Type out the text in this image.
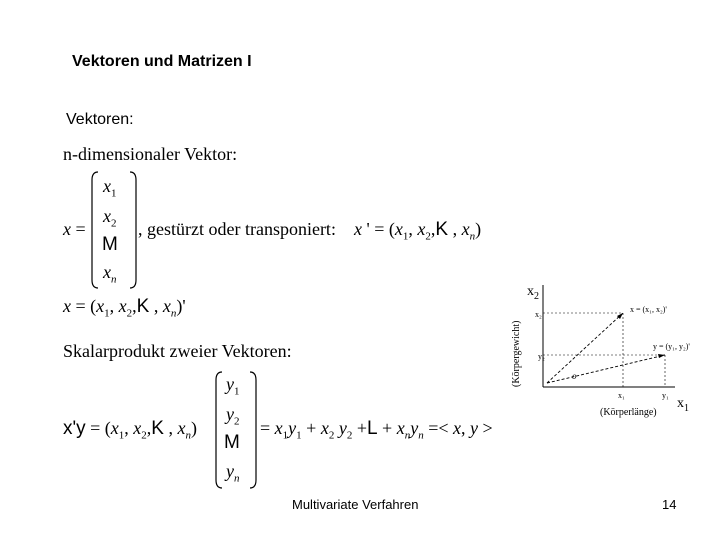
Vektoren und Matrizen I
Vektoren:
n-dimensionaler Vektor:
x =
$x_1$
$x_2$
M
$x_n$
, gestürzt oder transponiert: x ' = ($x_1$, $x_2,K$ , $x_n$)
$x = (x_1$, $x_2,K$ , $x_n)'$
Skalarprodukt zweier Vektoren:
$x'y = (x_1$, $x_2,K$ , $x_n$)
$y_1$
$y_2$
M
$y_n$
= $x_1y_1 + x_2$ $y_2 +L + x_ny_n =< x$, y >
$x_2$
$x_1$
(Körpergewicht)
(Körperlänge)
x = (x₁, x₂)'
y = (y₁, y₂)'
o
x₁	y₁
x₂
y₂
Multivariate Verfahren	14
